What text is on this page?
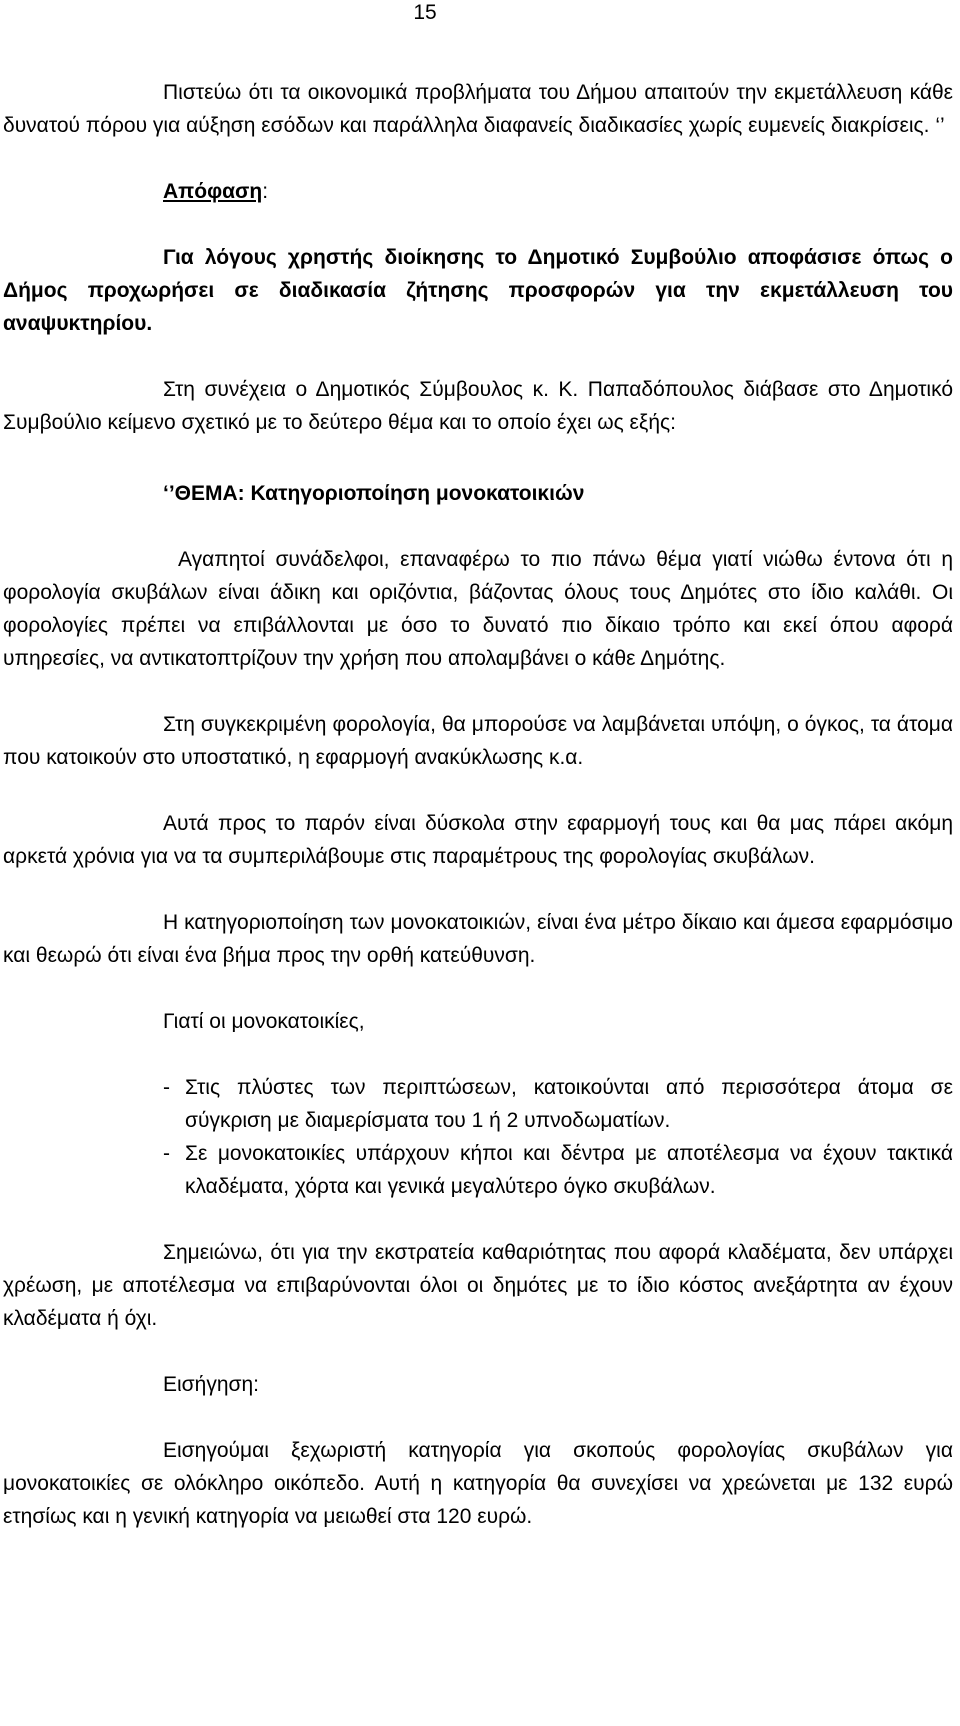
15

Πιστεύω ότι τα οικονομικά προβλήματα του Δήμου απαιτούν την εκμετάλλευση κάθε δυνατού πόρου για αύξηση εσόδων και παράλληλα διαφανείς διαδικασίες χωρίς ευμενείς διακρίσεις. ‘’

Απόφαση:

Για λόγους χρηστής διοίκησης το Δημοτικό Συμβούλιο αποφάσισε όπως ο Δήμος προχωρήσει σε διαδικασία ζήτησης προσφορών για την εκμετάλλευση του αναψυκτηρίου.

Στη συνέχεια ο Δημοτικός Σύμβουλος κ. Κ. Παπαδόπουλος διάβασε στο Δημοτικό Συμβούλιο κείμενο σχετικό με το δεύτερο θέμα και το οποίο έχει ως εξής:

‘’ΘΕΜΑ: Κατηγοριοποίηση μονοκατοικιών

Αγαπητοί συνάδελφοι, επαναφέρω το πιο πάνω θέμα γιατί νιώθω έντονα ότι η φορολογία σκυβάλων είναι άδικη και οριζόντια, βάζοντας όλους τους Δημότες στο ίδιο καλάθι. Οι φορολογίες πρέπει να επιβάλλονται με όσο το δυνατό πιο δίκαιο τρόπο και εκεί όπου αφορά υπηρεσίες, να αντικατοπτρίζουν την χρήση που απολαμβάνει ο κάθε Δημότης.

Στη συγκεκριμένη φορολογία, θα μπορούσε να λαμβάνεται υπόψη, ο όγκος, τα άτομα που κατοικούν στο υποστατικό, η εφαρμογή ανακύκλωσης κ.α.

Αυτά προς το παρόν είναι δύσκολα στην εφαρμογή τους και θα μας πάρει ακόμη αρκετά χρόνια για να τα συμπεριλάβουμε στις παραμέτρους της φορολογίας σκυβάλων.

Η κατηγοριοποίηση των μονοκατοικιών, είναι ένα μέτρο δίκαιο και άμεσα εφαρμόσιμο και θεωρώ ότι είναι ένα βήμα προς την ορθή κατεύθυνση.

Γιατί οι μονοκατοικίες,

- Στις πλύστες των περιπτώσεων, κατοικούνται από περισσότερα άτομα σε σύγκριση με διαμερίσματα του 1 ή 2 υπνοδωματίων.

- Σε μονοκατοικίες υπάρχουν κήποι και δέντρα με αποτέλεσμα να έχουν τακτικά κλαδέματα, χόρτα και γενικά μεγαλύτερο όγκο σκυβάλων.

Σημειώνω, ότι για την εκστρατεία καθαριότητας που αφορά κλαδέματα, δεν υπάρχει χρέωση, με αποτέλεσμα να επιβαρύνονται όλοι οι δημότες με το ίδιο κόστος ανεξάρτητα αν έχουν κλαδέματα ή όχι.

Εισήγηση:

Εισηγούμαι ξεχωριστή κατηγορία για σκοπούς φορολογίας σκυβάλων για μονοκατοικίες σε ολόκληρο οικόπεδο. Αυτή η κατηγορία θα συνεχίσει να χρεώνεται με 132 ευρώ ετησίως και η γενική κατηγορία να μειωθεί στα 120 ευρώ.
